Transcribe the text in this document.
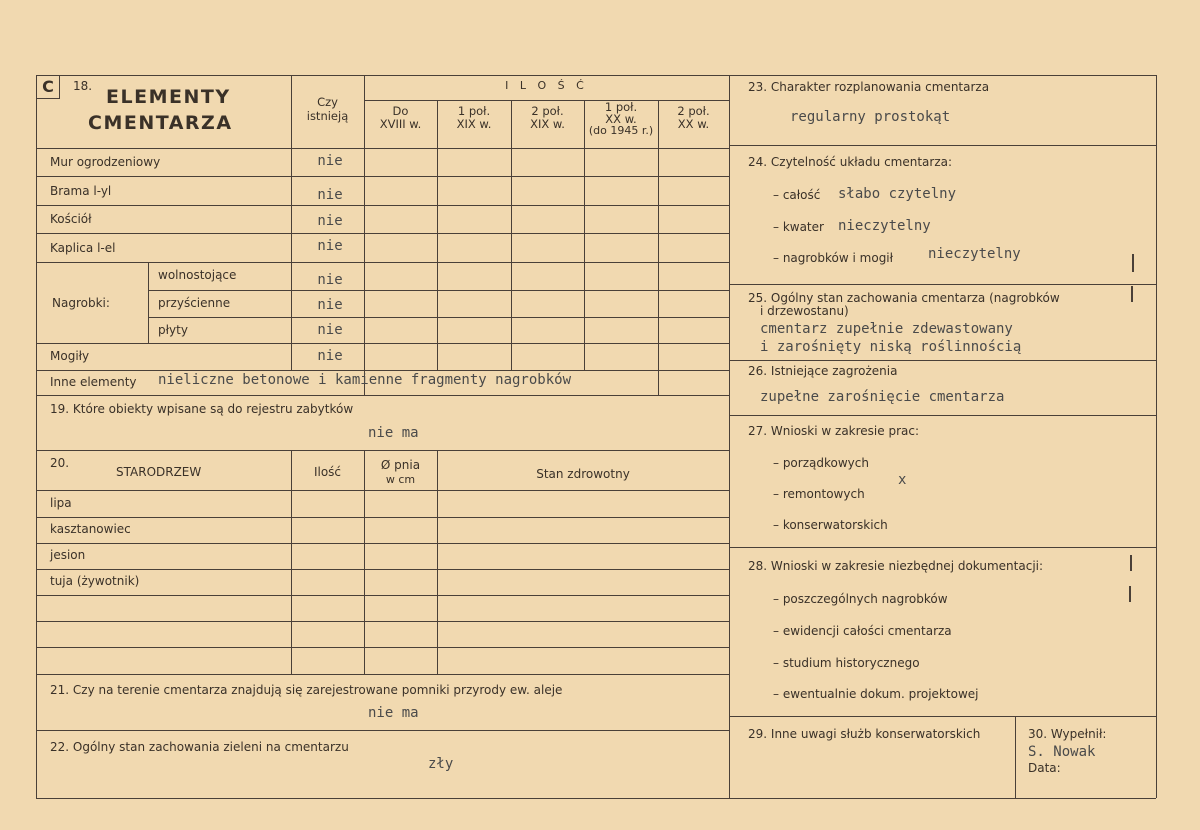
C	18. ELEMENTY
CMENTARZA
Czy
istnieją
I L O Ś Ć
Do
XVIII w.
1 poł.
XIX w.
2 poł.
XIX w.
1 poł.
XX w.
(do 1945 r.)
2 poł.
XX w.
Mur ogrodzeniowy	nie
Brama l-yl	nie
Kościół	nie
Kaplica l-el	nie
Nagrobki:
wolnostojące	nie
przyścienne	nie
płyty	nie
Mogiły	nie
Inne elementy nieliczne betonowe i kamienne fragmenty nagrobków
19. Które obiekty wpisane są do rejestru zabytków
nie ma
20.
STARODRZEW	Ilość	Ø pnia
w cm	Stan zdrowotny
lipa
kasztanowiec
jesion
tuja (żywotnik)
21. Czy na terenie cmentarza znajdują się zarejestrowane pomniki przyrody ew. aleje
nie ma
22. Ogólny stan zachowania zieleni na cmentarzu
zły
23. Charakter rozplanowania cmentarza
regularny prostokąt
24. Czytelność układu cmentarza:
– całość słabo czytelny
– kwater nieczytelny
– nagrobków i mogił nieczytelny
25. Ogólny stan zachowania cmentarza (nagrobków
i drzewostanu)
cmentarz zupełnie zdewastowany
i zarośnięty niską roślinnością
26. Istniejące zagrożenia
zupełne zarośnięcie cmentarza
27. Wnioski w zakresie prac:
– porządkowych
– remontowych
– konserwatorskich
x
28. Wnioski w zakresie niezbędnej dokumentacji:
– poszczególnych nagrobków
– ewidencji całości cmentarza
– studium historycznego
– ewentualnie dokum. projektowej
29. Inne uwagi służb konserwatorskich	30. Wypełnił:
S. Nowak
Data:
